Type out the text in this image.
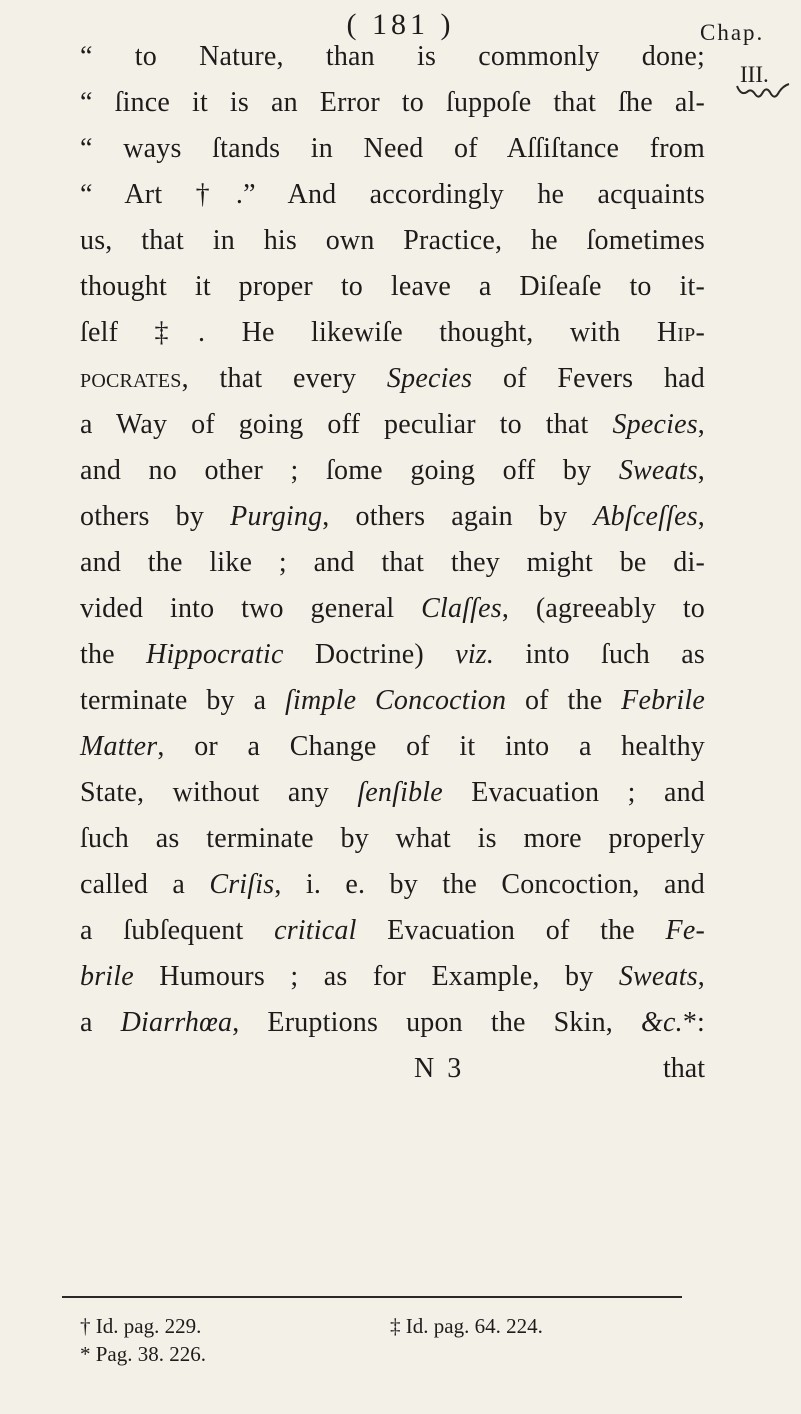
( 181 )	Chap.
III.
“ to Nature, than is commonly done;
“ ſince it is an Error to ſuppoſe that ſhe al-
“ ways ſtands in Need of Aſſiſtance from
“ Art †.” And accordingly he acquaints
us, that in his own Practice, he ſometimes
thought it proper to leave a Diſeaſe to it-
ſelf ‡. He likewiſe thought, with Hip-
pocrates, that every Species of Fevers had
a Way of going off peculiar to that Species,
and no other ; ſome going off by Sweats,
others by Purging, others again by Abſceſſes,
and the like ; and that they might be di-
vided into two general Claſſes, (agreeably to
the Hippocratic Doctrine) viz. into ſuch as
terminate by a ſimple Concoction of the Febrile
Matter, or a Change of it into a healthy
State, without any ſenſible Evacuation ; and
ſuch as terminate by what is more properly
called a Criſis, i. e. by the Concoction, and
a ſubſequent critical Evacuation of the Fe-
brile Humours ; as for Example, by Sweats,
a Diarrhœa, Eruptions upon the Skin, &c.*:
N 3	that
† Id. pag. 229.	‡ Id. pag. 64. 224.
* Pag. 38. 226.
